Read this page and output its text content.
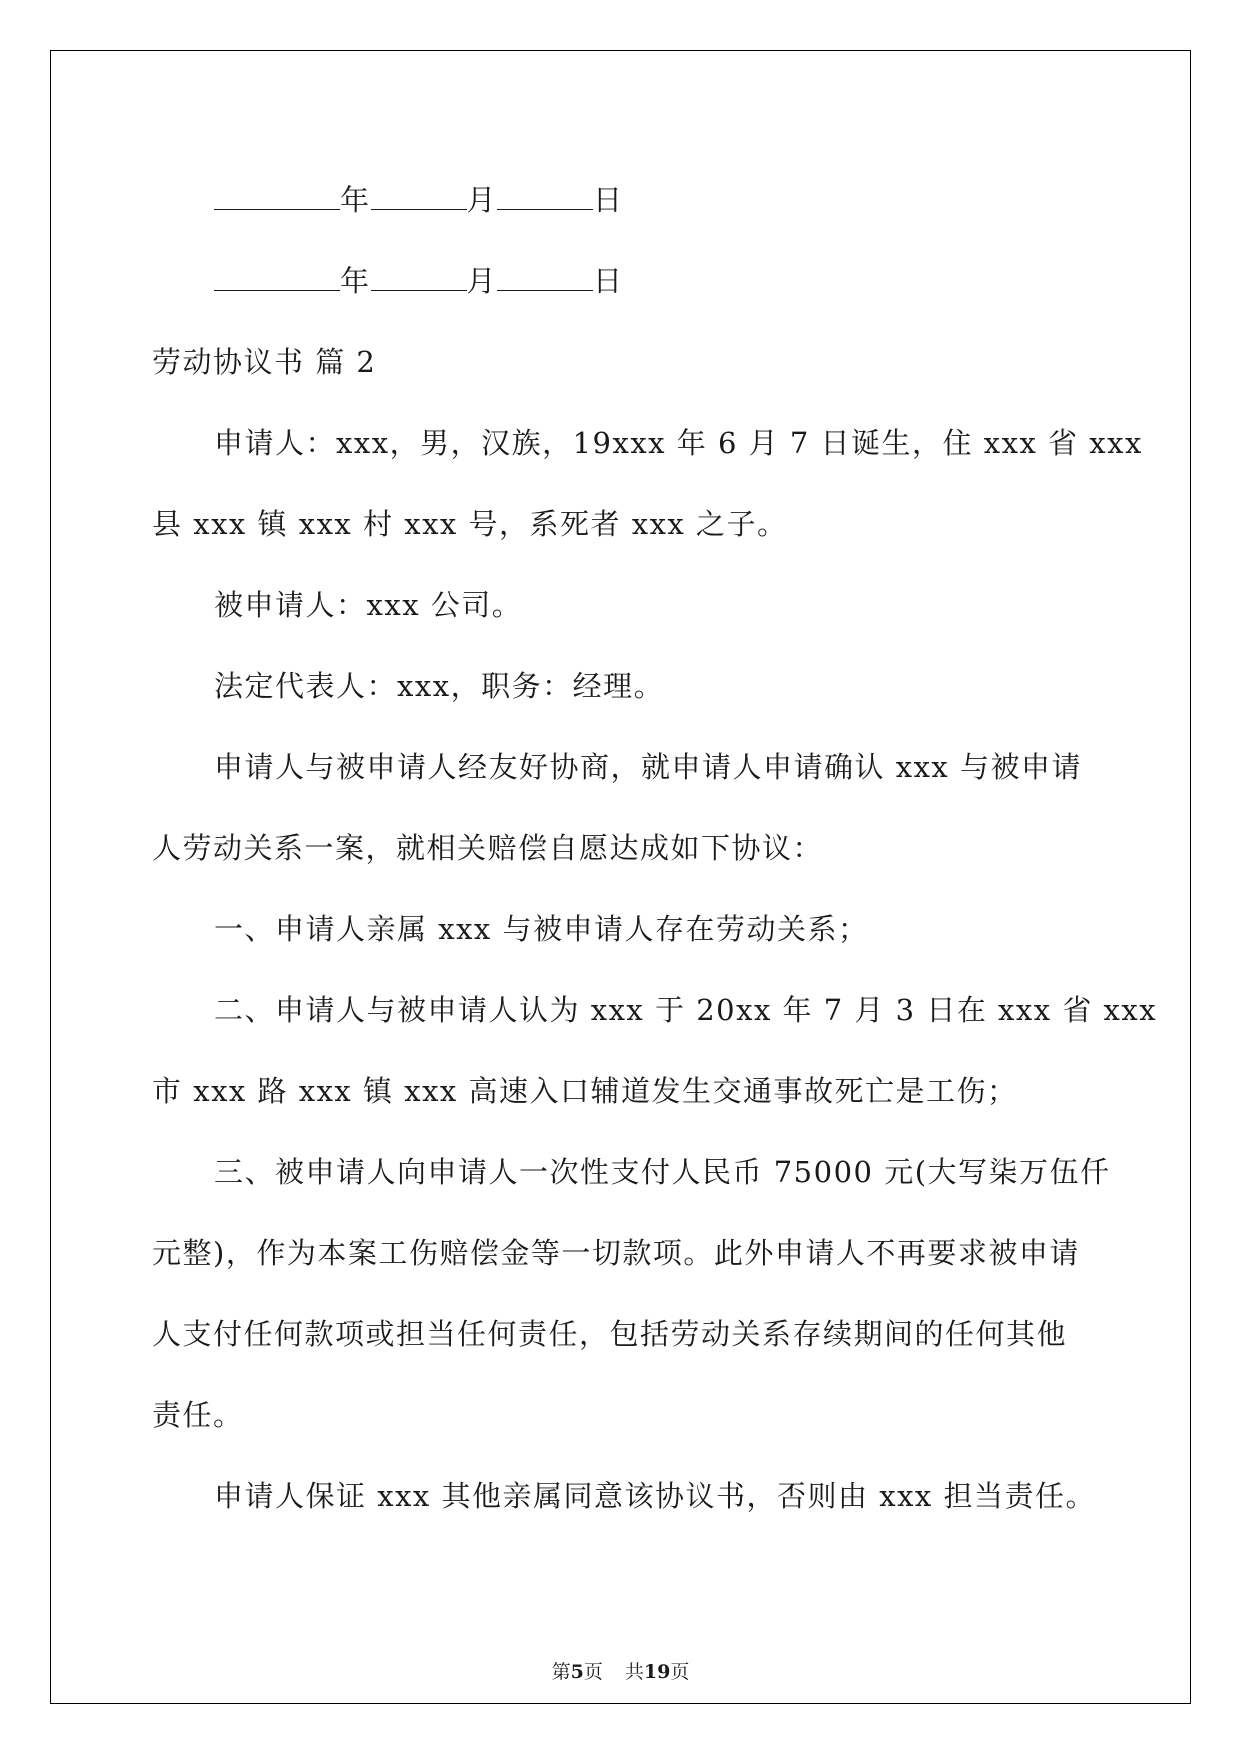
年	月	日
年	月	日
劳动协议书 篇 2
申请人：xxx，男，汉族，19xxx 年 6 月 7 日诞生，住 xxx 省 xxx
县 xxx 镇 xxx 村 xxx 号，系死者 xxx 之子。
被申请人：xxx 公司。
法定代表人：xxx，职务：经理。
申请人与被申请人经友好协商，就申请人申请确认 xxx 与被申请
人劳动关系一案，就相关赔偿自愿达成如下协议：
一、申请人亲属 xxx 与被申请人存在劳动关系；
二、申请人与被申请人认为 xxx 于 20xx 年 7 月 3 日在 xxx 省 xxx
市 xxx 路 xxx 镇 xxx 高速入口辅道发生交通事故死亡是工伤；
三、被申请人向申请人一次性支付人民币 75000 元(大写柒万伍仟
元整)，作为本案工伤赔偿金等一切款项。此外申请人不再要求被申请
人支付任何款项或担当任何责任，包括劳动关系存续期间的任何其他
责任。
申请人保证 xxx 其他亲属同意该协议书，否则由 xxx 担当责任。
第5页 共19页
